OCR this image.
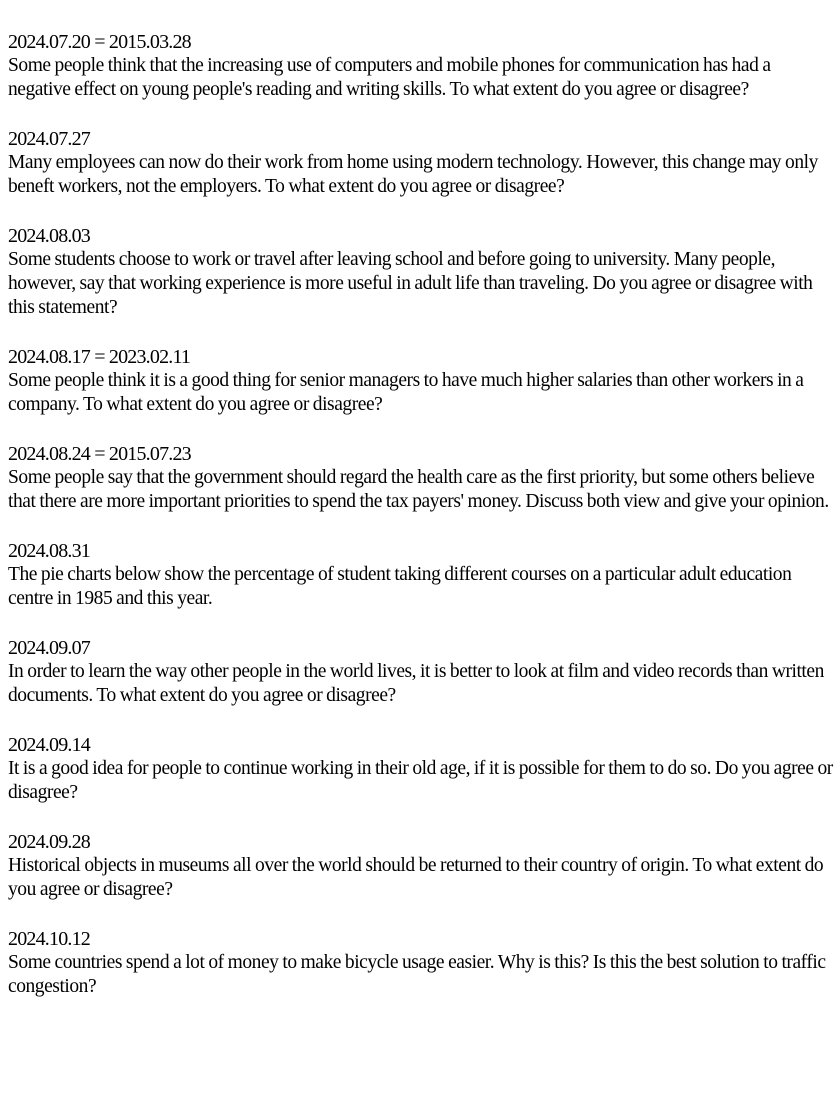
2024.07.20 = 2015.03.28
Some people think that the increasing use of computers and mobile phones for communication has had a negative effect on young people's reading and writing skills. To what extent do you agree or disagree?
2024.07.27
Many employees can now do their work from home using modern technology. However, this change may only beneft workers, not the employers. To what extent do you agree or disagree?
2024.08.03
Some students choose to work or travel after leaving school and before going to university. Many people, however, say that working experience is more useful in adult life than traveling. Do you agree or disagree with this statement?
2024.08.17 = 2023.02.11
Some people think it is a good thing for senior managers to have much higher salaries than other workers in a company. To what extent do you agree or disagree?
2024.08.24 = 2015.07.23
Some people say that the government should regard the health care as the first priority, but some others believe that there are more important priorities to spend the tax payers' money. Discuss both view and give your opinion.
2024.08.31
The pie charts below show the percentage of student taking different courses on a particular adult education centre in 1985 and this year.
2024.09.07
In order to learn the way other people in the world lives, it is better to look at film and video records than written documents. To what extent do you agree or disagree?
2024.09.14
It is a good idea for people to continue working in their old age, if it is possible for them to do so. Do you agree or disagree?
2024.09.28
Historical objects in museums all over the world should be returned to their country of origin. To what extent do you agree or disagree?
2024.10.12
Some countries spend a lot of money to make bicycle usage easier. Why is this? Is this the best solution to traffic congestion?
